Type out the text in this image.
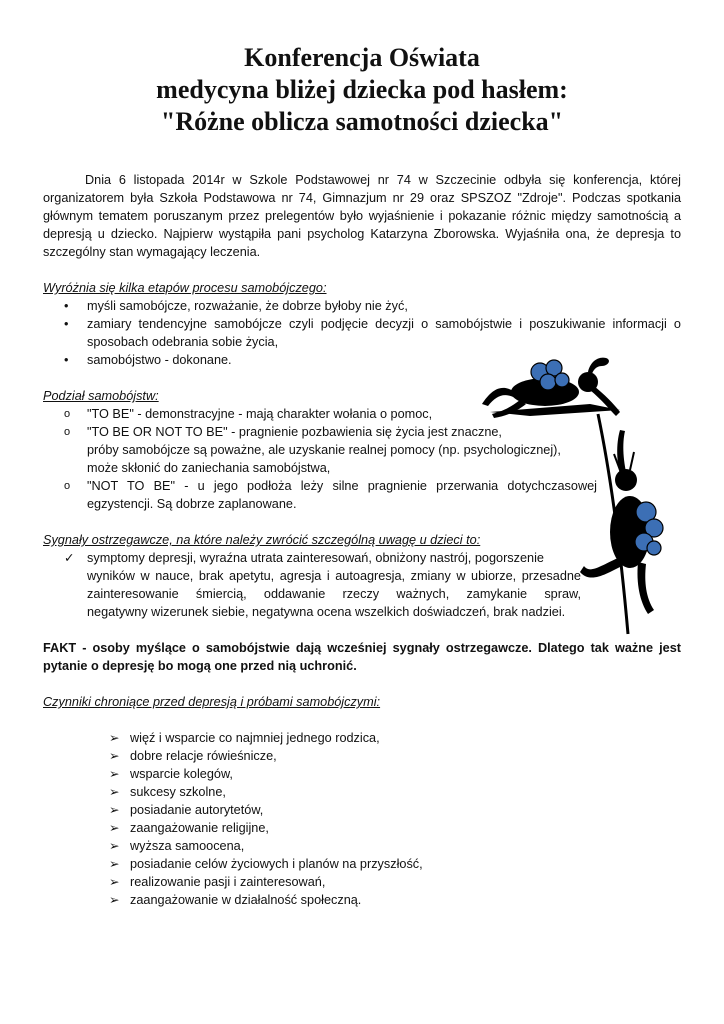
Konferencja Oświata
medycyna bliżej dziecka pod hasłem:
"Różne oblicza samotności dziecka"

Dnia 6 listopada 2014r w Szkole Podstawowej nr 74 w Szczecinie odbyła się konferencja, której organizatorem była Szkoła Podstawowa nr 74, Gimnazjum nr 29 oraz SPSZOZ "Zdroje". Podczas spotkania głównym tematem poruszanym przez prelegentów było wyjaśnienie i pokazanie różnic między samotnością a depresją u dziecko. Najpierw wystąpiła pani psycholog Katarzyna Zborowska. Wyjaśniła ona, że depresja to szczególny stan wymagający leczenia.

Wyróżnia się kilka etapów procesu samobójczego:

• myśli samobójcze, rozważanie, że dobrze byłoby nie żyć,
• zamiary tendencyjne samobójcze czyli podjęcie decyzji o samobójstwie i poszukiwanie informacji o sposobach odebrania sobie życia,
• samobójstwo - dokonane.

Podział samobójstw:

o "TO BE" - demonstracyjne - mają charakter wołania o pomoc,
o "TO BE OR NOT TO BE" - pragnienie pozbawienia się życia jest znaczne,
próby samobójcze są poważne, ale uzyskanie realnej pomocy (np. psychologicznej),
może skłonić do zaniechania samobójstwa,
o "NOT TO BE" - u jego podłoża leży silne pragnienie przerwania dotychczasowej
egzystencji. Są dobrze zaplanowane.

Sygnały ostrzegawcze, na które należy zwrócić szczególną uwagę u dzieci to:

✓ symptomy depresji, wyraźna utrata zainteresowań, obniżony nastrój, pogorszenie
wyników w nauce, brak apetytu, agresja i autoagresja, zmiany w ubiorze, przesadne
zainteresowanie śmiercią, oddawanie rzeczy ważnych, zamykanie spraw,
negatywny wizerunek siebie, negatywna ocena wszelkich doświadczeń, brak nadziei.

FAKT - osoby myślące o samobójstwie dają wcześniej sygnały ostrzegawcze. Dlatego tak ważne jest pytanie o depresję bo mogą one przed nią uchronić.

Czynniki chroniące przed depresją i próbami samobójczymi:

➢ więź i wsparcie co najmniej jednego rodzica,
➢ dobre relacje rówieśnicze,
➢ wsparcie kolegów,
➢ sukcesy szkolne,
➢ posiadanie autorytetów,
➢ zaangażowanie religijne,
➢ wyższa samoocena,
➢ posiadanie celów życiowych i planów na przyszłość,
➢ realizowanie pasji i zainteresowań,
➢ zaangażowanie w działalność społeczną.
